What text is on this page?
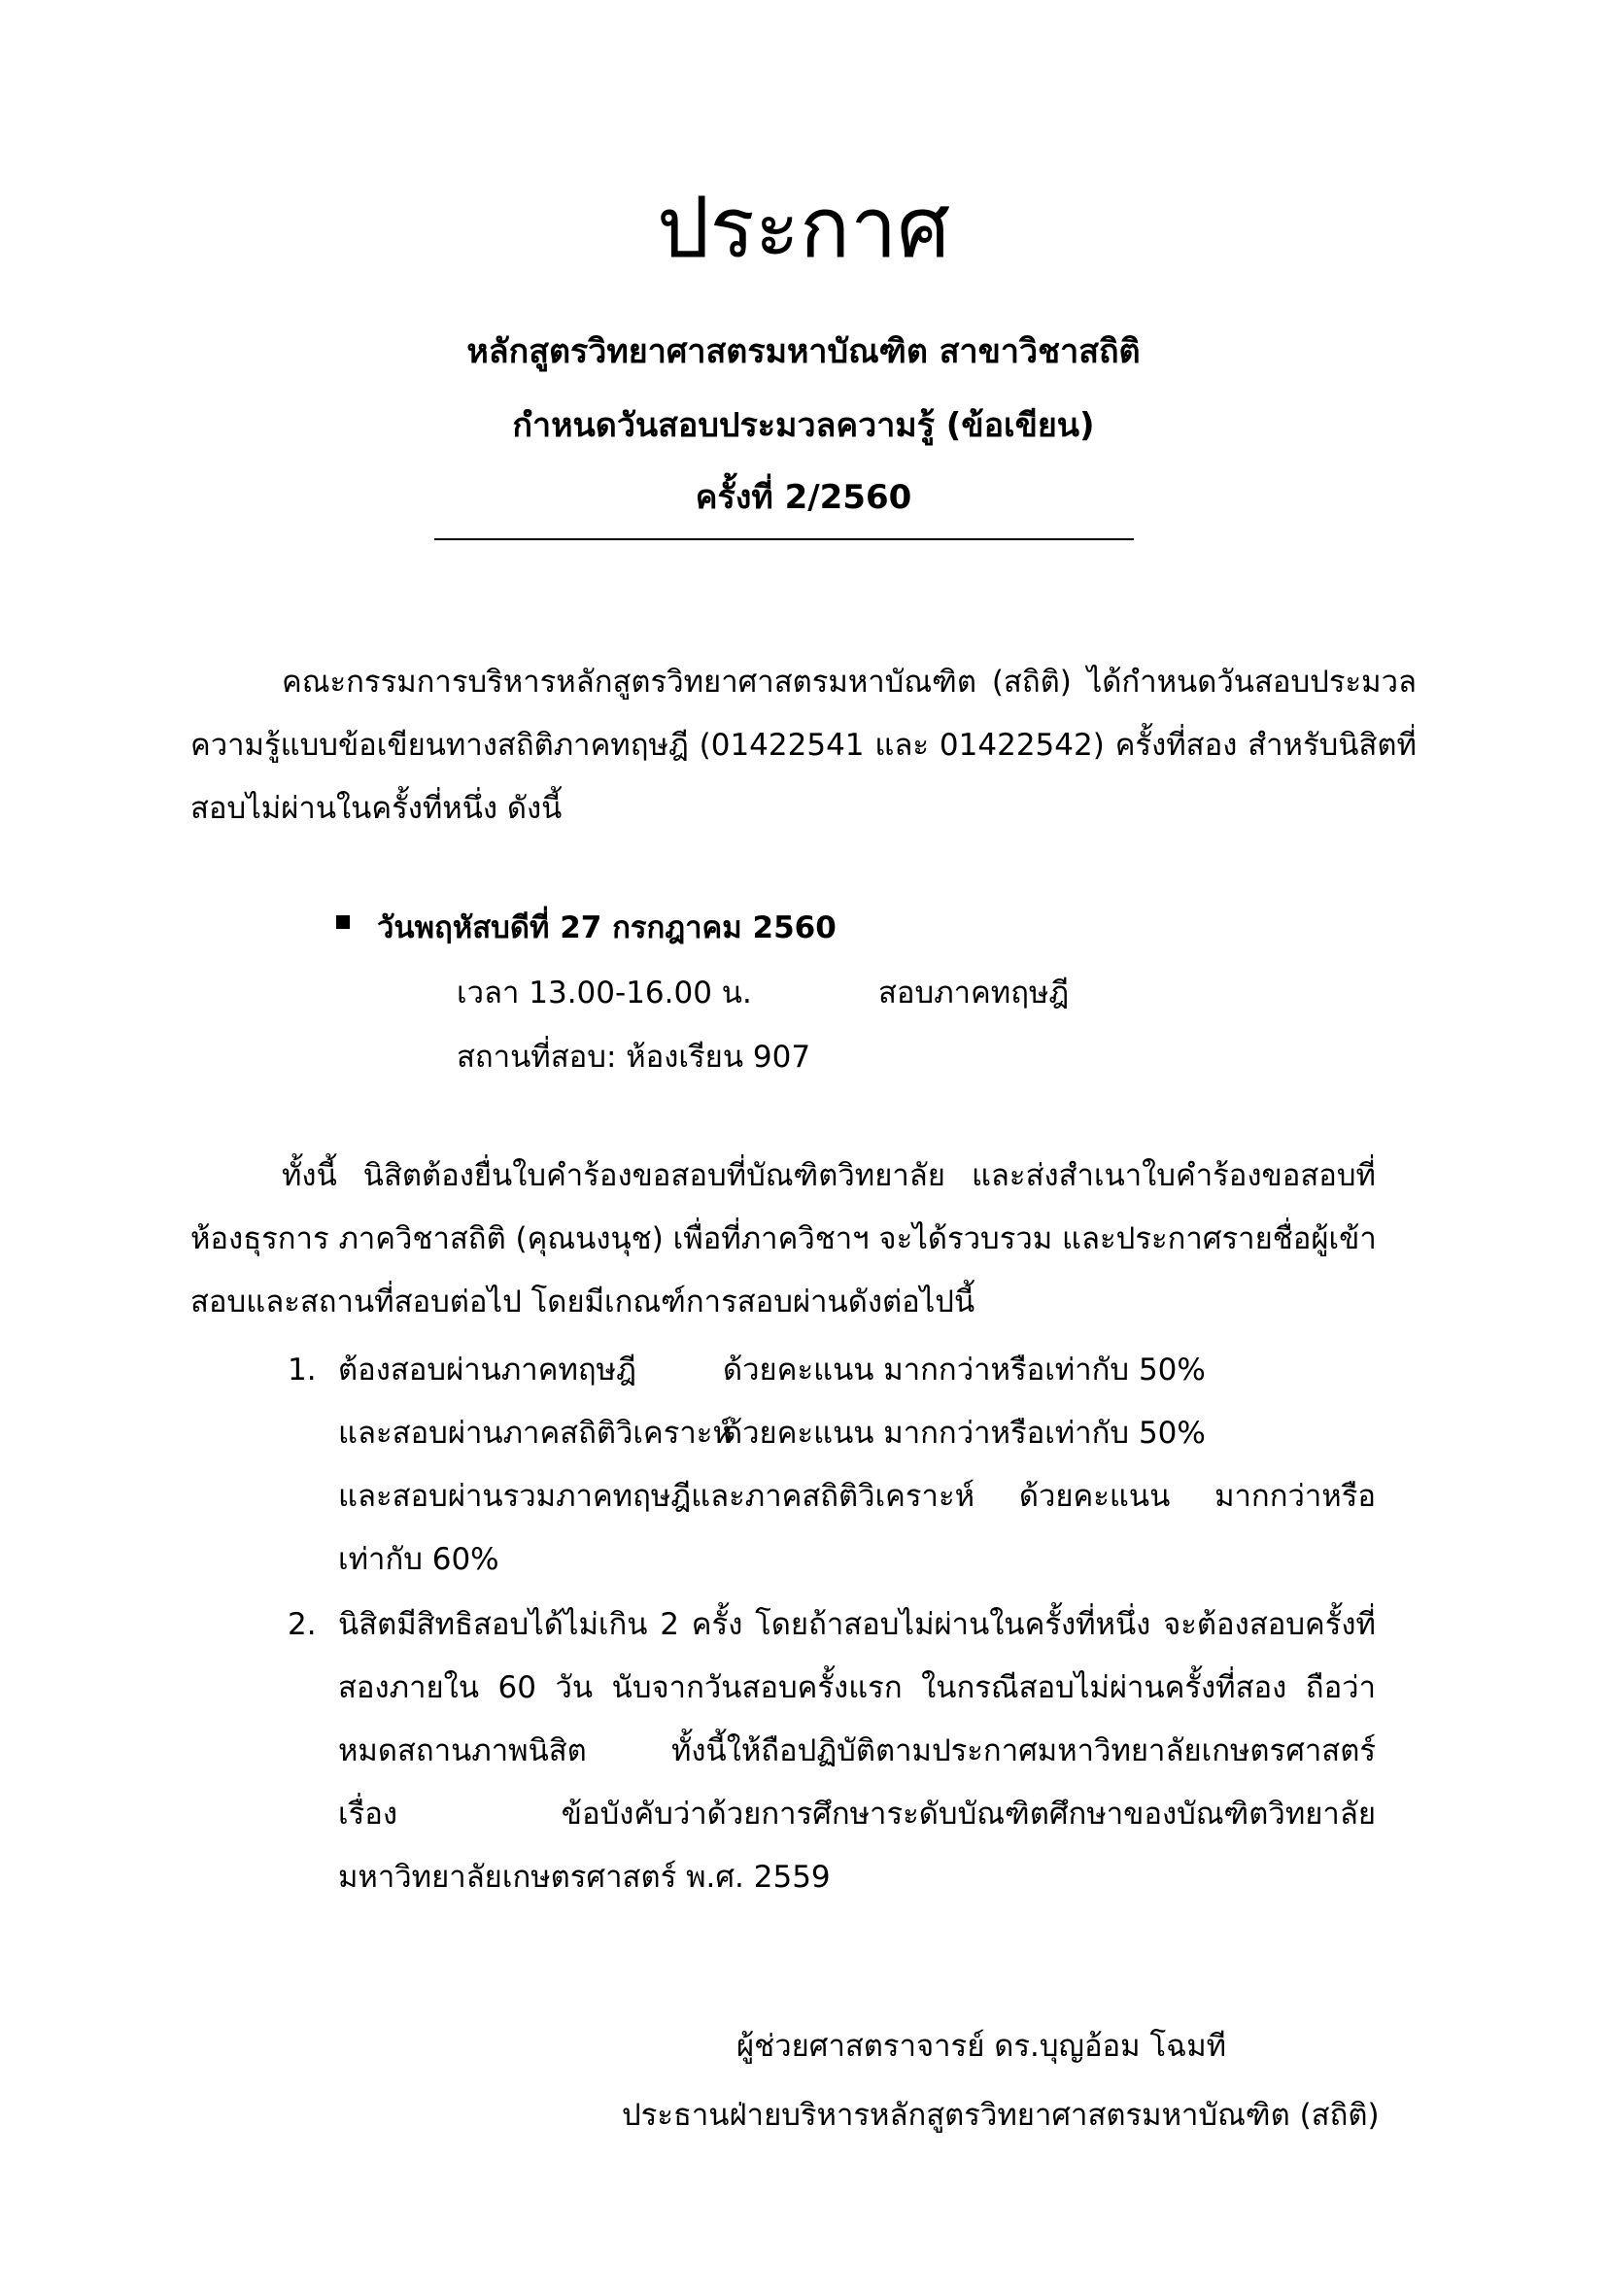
ประกาศ
หลักสูตรวิทยาศาสตรมหาบัณฑิต สาขาวิชาสถิติ
กำหนดวันสอบประมวลความรู้ (ข้อเขียน)
ครั้งที่ 2/2560
คณะกรรมการบริหารหลักสูตรวิทยาศาสตรมหาบัณฑิต (สถิติ) ได้กำหนดวันสอบประมวล
ความรู้แบบข้อเขียนทางสถิติภาคทฤษฎี (01422541 และ 01422542) ครั้งที่สอง สำหรับนิสิตที่
สอบไม่ผ่านในครั้งที่หนึ่ง ดังนี้
วันพฤหัสบดีที่ 27 กรกฎาคม 2560
เวลา 13.00-16.00 น.	สอบภาคทฤษฎี
สถานที่สอบ: ห้องเรียน 907
ทั้งนี้ นิสิตต้องยื่นใบคำร้องขอสอบที่บัณฑิตวิทยาลัย และส่งสำเนาใบคำร้องขอสอบที่
ห้องธุรการ ภาควิชาสถิติ (คุณนงนุช) เพื่อที่ภาควิชาฯ จะได้รวบรวม และประกาศรายชื่อผู้เข้า
สอบและสถานที่สอบต่อไป โดยมีเกณฑ์การสอบผ่านดังต่อไปนี้
1. ต้องสอบผ่านภาคทฤษฎี	ด้วยคะแนน มากกว่าหรือเท่ากับ 50%
และสอบผ่านภาคสถิติวิเคราะห์
ด้วยคะแนน มากกว่าหรือเท่ากับ 50%
และสอบผ่านรวมภาคทฤษฎีและภาคสถิติวิเคราะห์ ด้วยคะแนน มากกว่าหรือ
เท่ากับ 60%
2. นิสิตมีสิทธิสอบได้ไม่เกิน 2 ครั้ง โดยถ้าสอบไม่ผ่านในครั้งที่หนึ่ง จะต้องสอบครั้งที่
สองภายใน 60 วัน นับจากวันสอบครั้งแรก ในกรณีสอบไม่ผ่านครั้งที่สอง ถือว่า
หมดสถานภาพนิสิต ทั้งนี้ให้ถือปฏิบัติตามประกาศมหาวิทยาลัยเกษตรศาสตร์
เรื่อง ข้อบังคับว่าด้วยการศึกษาระดับบัณฑิตศึกษาของบัณฑิตวิทยาลัย
มหาวิทยาลัยเกษตรศาสตร์ พ.ศ. 2559
ผู้ช่วยศาสตราจารย์ ดร.บุญอ้อม โฉมที
ประธานฝ่ายบริหารหลักสูตรวิทยาศาสตรมหาบัณฑิต (สถิติ)
